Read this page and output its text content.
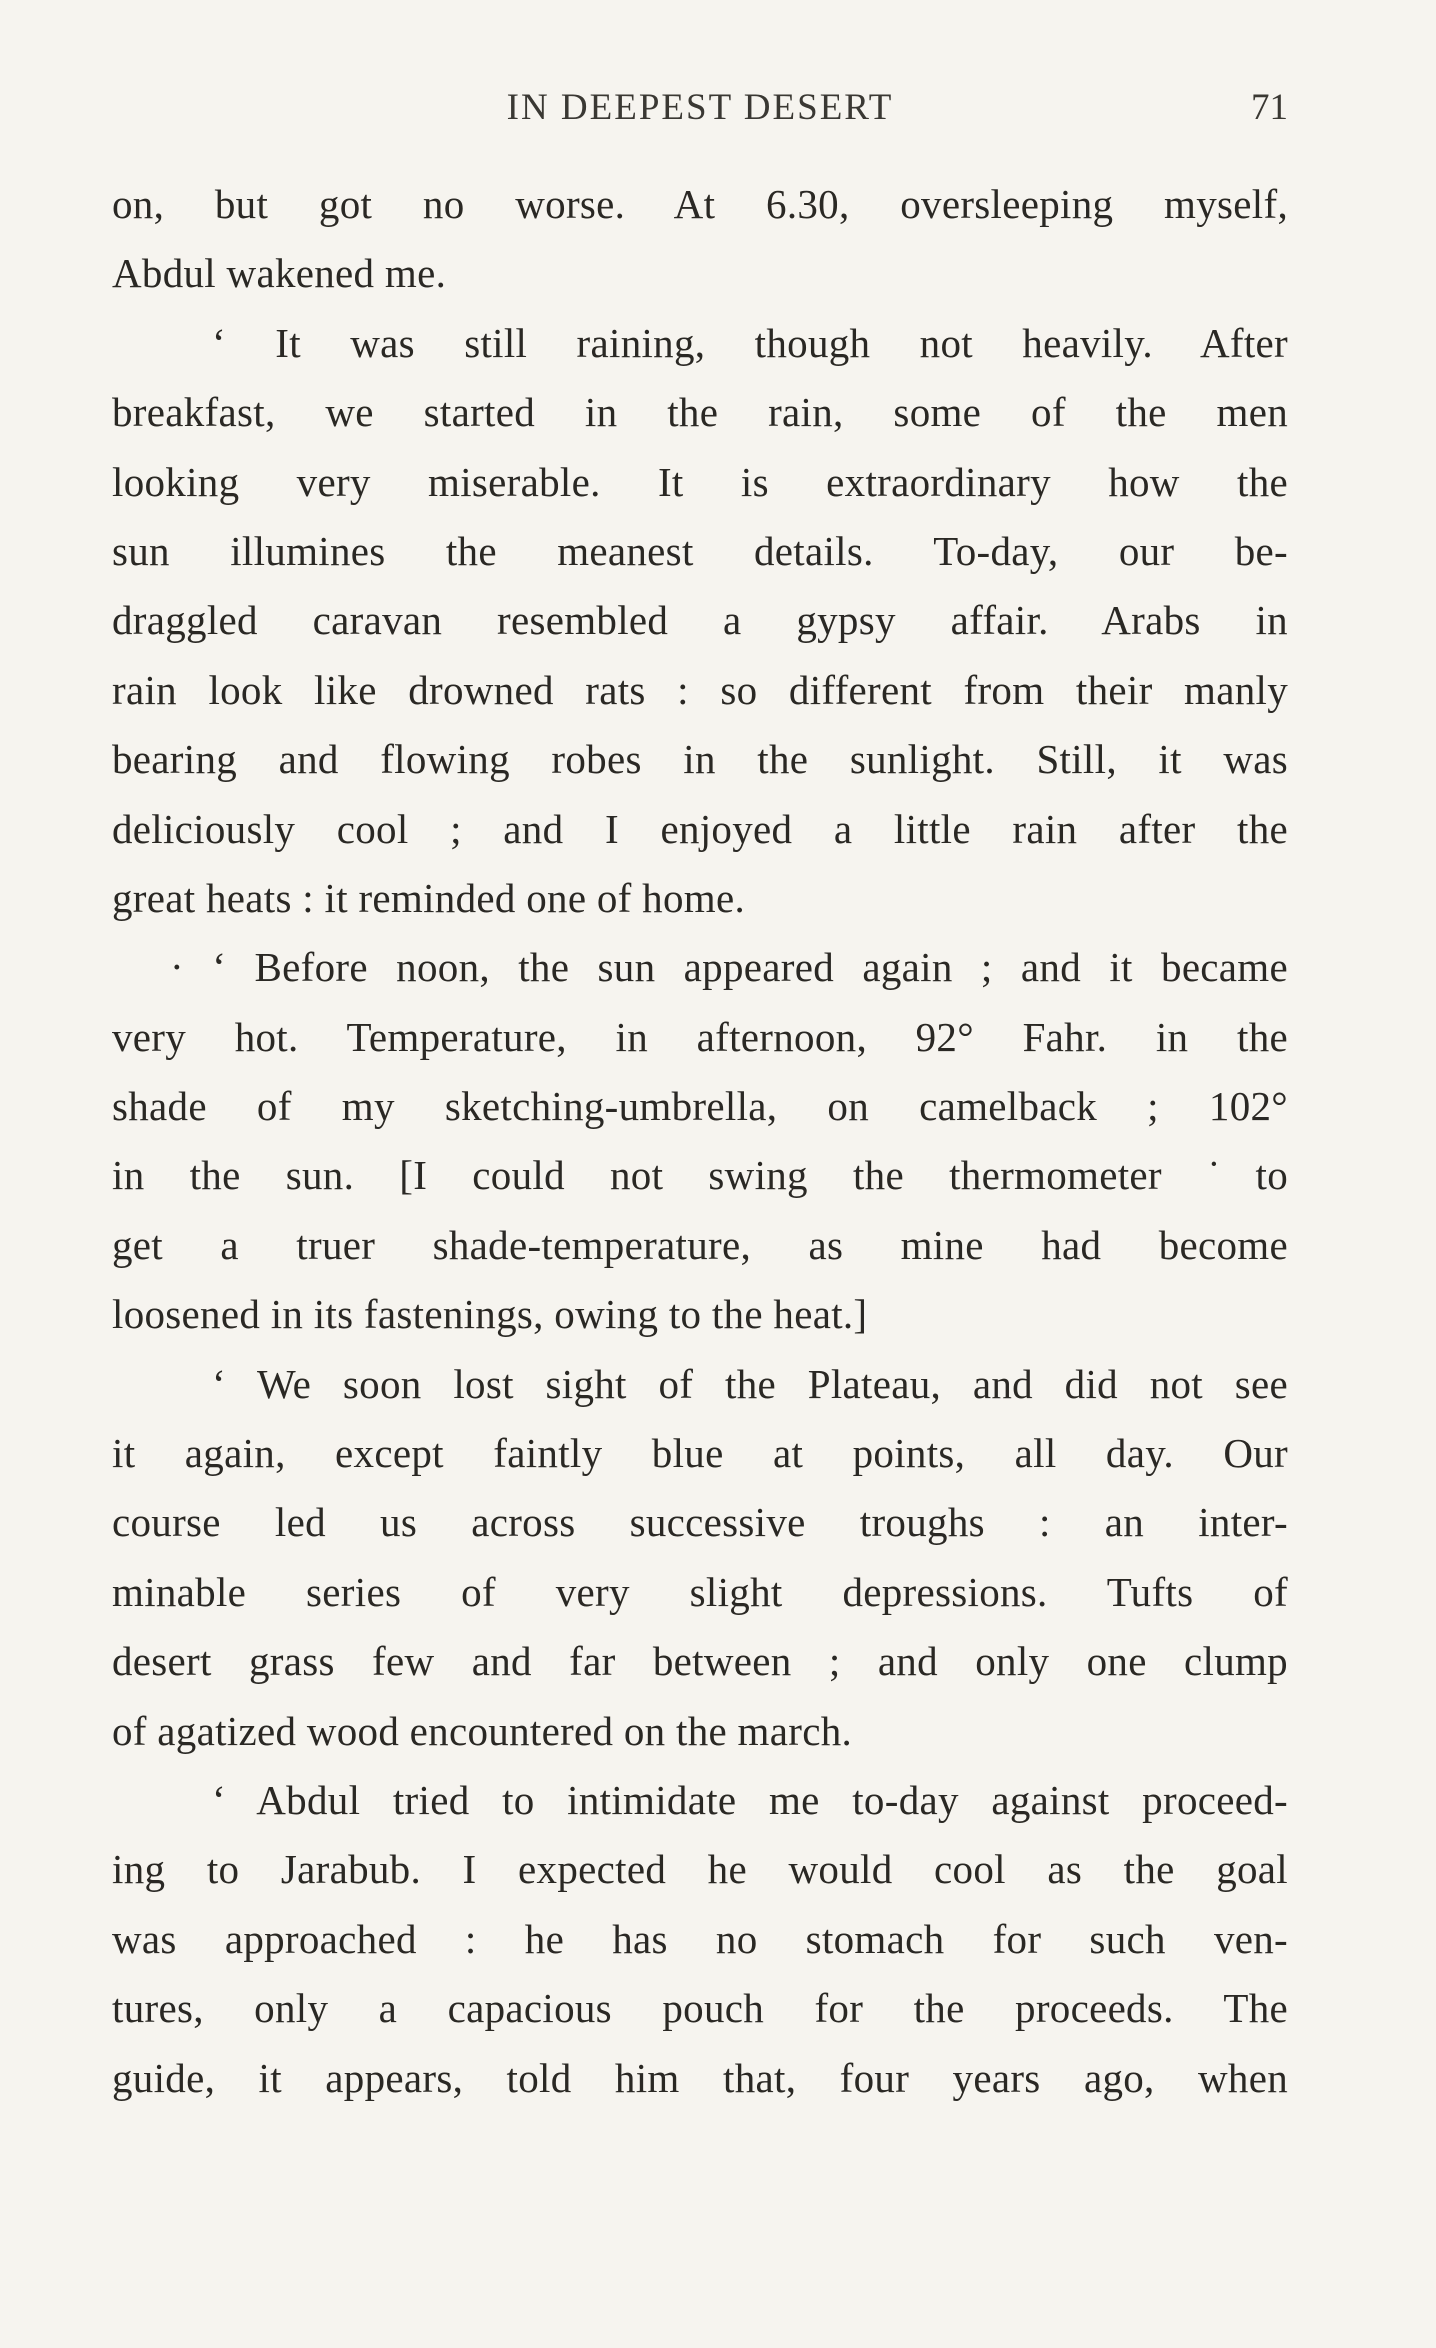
IN DEEPEST DESERT	71
on, but got no worse. At 6.30, oversleeping myself,
Abdul wakened me.
‘ It was still raining, though not heavily. After
breakfast, we started in the rain, some of the men
looking very miserable. It is extraordinary how the
sun illumines the meanest details. To-day, our be-
draggled caravan resembled a gypsy affair. Arabs in
rain look like drowned rats : so different from their manly
bearing and flowing robes in the sunlight. Still, it was
deliciously cool ; and I enjoyed a little rain after the
great heats : it reminded one of home.
· ‘ Before noon, the sun appeared again ; and it became
very hot. Temperature, in afternoon, 92° Fahr. in the
shade of my sketching-umbrella, on camelback ; 102°
in the sun. [I could not swing the thermometer ˙to
get a truer shade-temperature, as mine had become
loosened in its fastenings, owing to the heat.]
‘ We soon lost sight of the Plateau, and did not see
it again, except faintly blue at points, all day. Our
course led us across successive troughs : an inter-
minable series of very slight depressions. Tufts of
desert grass few and far between ; and only one clump
of agatized wood encountered on the march.
‘ Abdul tried to intimidate me to-day against proceed-
ing to Jarabub. I expected he would cool as the goal
was approached : he has no stomach for such ven-
tures, only a capacious pouch for the proceeds. The
guide, it appears, told him that, four years ago, when
